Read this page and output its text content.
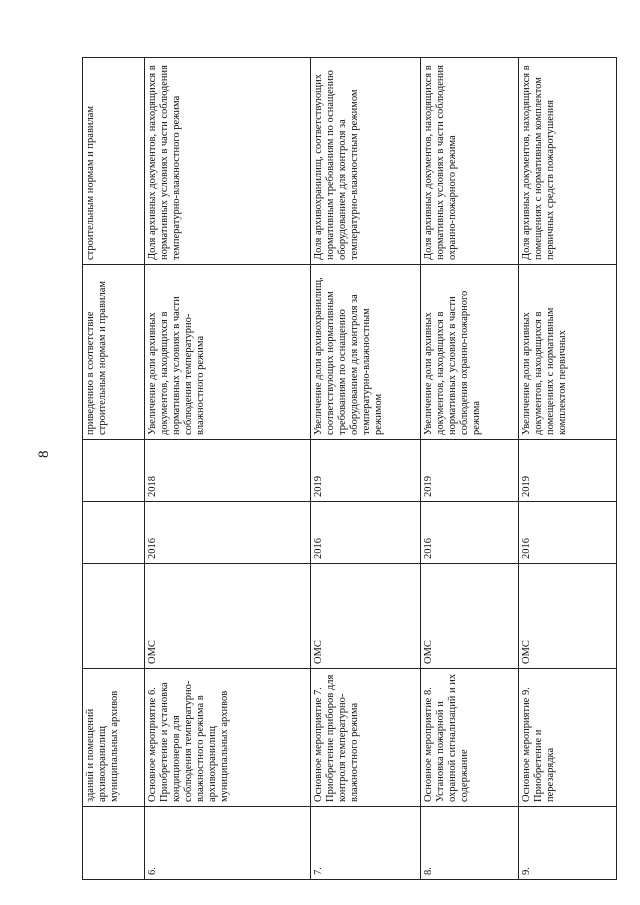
8
	зданий и помещений архивохранилищ муниципальных архивов				приведению в соответствие строительным нормам и правилам	строительным нормам и правилам
6.	Основное мероприятие 6. Приобретение и установка кондиционеров для соблюдения температурно-влажностного режима в архивохранилищ муниципальных архивов	ОМС	2016	2018	Увеличение доли архивных документов, находящихся в нормативных условиях в части соблюдения температурно-влажностного режима	Доля архивных документов, находящихся в нормативных условиях в части соблюдения температурно-влажностного режима
7.	Основное мероприятие 7. Приобретение приборов для контроля температурно-влажностного режима	ОМС	2016	2019	Увеличение доли архивохранилищ, соответствующих нормативным требованиям по оснащению оборудованием для контроля за температурно-влажностным режимом	Доля архивохранилищ, соответствующих нормативным требованиям по оснащению оборудованием для контроля за температурно-влажностным режимом
8.	Основное мероприятие 8. Установка пожарной и охранной сигнализаций и их содержание	ОМС	2016	2019	Увеличение доли архивных документов, находящихся в нормативных условиях в части соблюдения охранно-пожарного режима	Доля архивных документов, находящихся в нормативных условиях в части соблюдения охранно-пожарного режима
9.	Основное мероприятие 9. Приобретение и перезарядка	ОМС	2016	2019	Увеличение доли архивных документов, находящихся в помещениях с нормативным комплектом первичных	Доля архивных документов, находящихся в помещениях с нормативным комплектом первичных средств пожаротушения
